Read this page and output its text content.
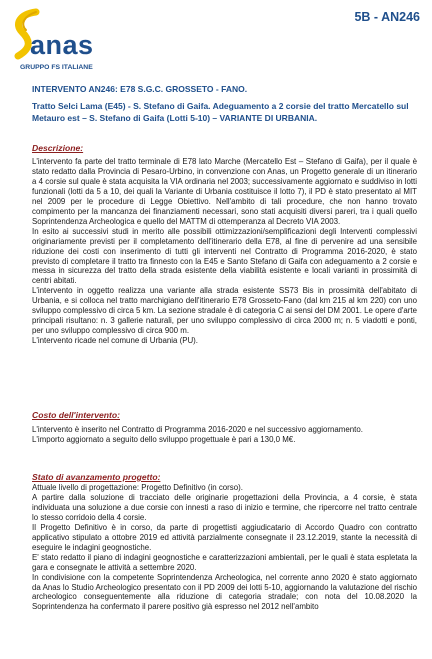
anas
GRUPPO FS ITALIANE
5B - AN246

INTERVENTO AN246: E78 S.G.C. GROSSETO - FANO.

Tratto Selci Lama (E45) - S. Stefano di Gaifa. Adeguamento a 2 corsie del tratto Mercatello sul Metauro est – S. Stefano di Gaifa (Lotti 5-10) – VARIANTE DI URBANIA.

Descrizione:

L'intervento fa parte del tratto terminale di E78 lato Marche (Mercatello Est – Stefano di Gaifa), per il quale è stato redatto dalla Provincia di Pesaro-Urbino, in convenzione con Anas, un Progetto generale di un itinerario a 4 corsie sul quale è stata acquisita la VIA ordinaria nel 2003; successivamente aggiornato e suddiviso in lotti funzionali (lotti da 5 a 10, dei quali la Variante di Urbania costituisce il lotto 7), il PD è stato presentato al MIT nel 2009 per le procedure di Legge Obiettivo. Nell'ambito di tali procedure, che non hanno trovato compimento per la mancanza dei finanziamenti necessari, sono stati acquisiti diversi pareri, tra i quali quello Soprintendenza Archeologica e quello del MATTM di ottemperanza al Decreto VIA 2003.

In esito ai successivi studi in merito alle possibili ottimizzazioni/semplificazioni degli Interventi complessivi originariamente previsti per il completamento dell'itinerario della E78, al fine di pervenire ad una sensibile riduzione dei costi con inserimento di tutti gli interventi nel Contratto di Programma 2016-2020, è stato previsto di completare il tratto tra finnesto con la E45 e Santo Stefano di Gaifa con adeguamento a 2 corsie e messa in sicurezza del tratto della strada esistente della viabilità esistente e locali varianti in prossimità di centri abitati.

L'intervento in oggetto realizza una variante alla strada esistente SS73 Bis in prossimità dell'abitato di Urbania, e si colloca nel tratto marchigiano dell'itinerario E78 Grosseto-Fano (dal km 215 al km 220) con uno sviluppo complessivo di circa 5 km. La sezione stradale è di categoria C ai sensi del DM 2001. Le opere d'arte principali risultano: n. 3 gallerie naturali, per uno sviluppo complessivo di circa 2000 m; n. 5 viadotti e ponti, per uno sviluppo complessivo di circa 900 m.

L'intervento ricade nel comune di Urbania (PU).

Costo dell'intervento:

L'intervento è inserito nel Contratto di Programma 2016-2020 e nel successivo aggiornamento.

L'importo aggiornato a seguito dello sviluppo progettuale è pari a 130,0 M€.

Stato di avanzamento progetto:

Attuale livello di progettazione: Progetto Definitivo (in corso).

A partire dalla soluzione di tracciato delle originarie progettazioni della Provincia, a 4 corsie, è stata individuata una soluzione a due corsie con innesti a raso di inizio e termine, che ripercorre nel tratto centrale lo stesso corridoio della 4 corsie.

Il Progetto Definitivo è in corso, da parte di progettisti aggiudicatario di Accordo Quadro con contratto applicativo stipulato a ottobre 2019 ed attività parzialmente consegnate il 23.12.2019, stante la necessità di eseguire le indagini geognostiche.

E' stato redatto il piano di indagini geognostiche e caratterizzazioni ambientali, per le quali è stata espletata la gara e consegnate le attività a settembre 2020.

In condivisione con la competente Soprintendenza Archeologica, nel corrente anno 2020 è stato aggiornato da Anas lo Studio Archeologico presentato con il PD 2009 dei lotti 5-10, aggiornando la valutazione del rischio archeologico conseguentemente alla riduzione di categoria stradale; con nota del 10.08.2020 la Soprintendenza ha confermato il parere positivo già espresso nel 2012 nell'ambito
